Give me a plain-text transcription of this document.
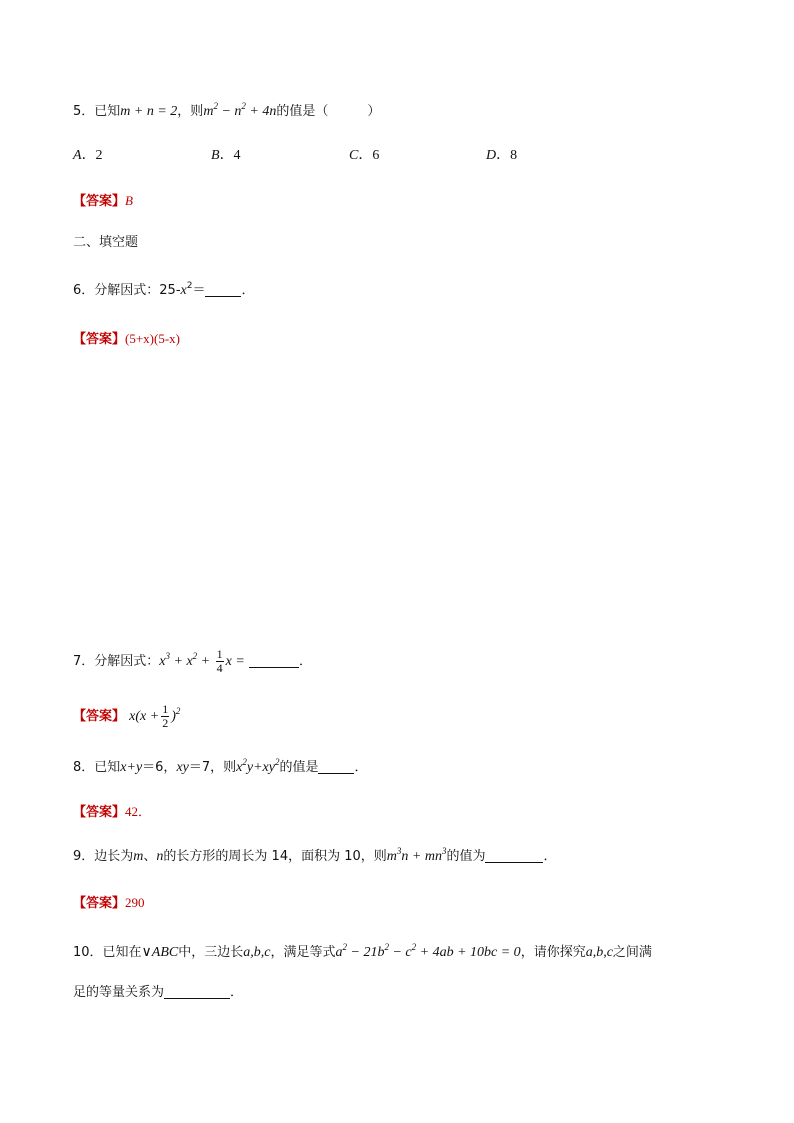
5．已知m + n = 2，则$m^2 - n^2 + 4n$的值是（　　　）
A．2	B．4	C．6	D．8
【答案】B
二、填空题
6．分解因式：$25-x^2=$	．
【答案】(5+x)(5-x)
7．分解因式：$x^3 + x^2 + \frac{1}{4}$ x =	．
【答案】 $x(x + \frac{1}{2} )^2$
8．已知x+y＝6，xy＝7，则$x^2y+xy^2$的值是	．
【答案】42．
9．边长为m、n的长方形的周长为 14，面积为 10，则$m^3n + mn^3$的值为	．
【答案】290
10．已知在∨ABC中，三边长a,b,c，满足等式$a^2 - 21b^2 - c^2 + 4ab + 10bc = 0$，请你探究a,b,c之间满
足的等量关系为	．
